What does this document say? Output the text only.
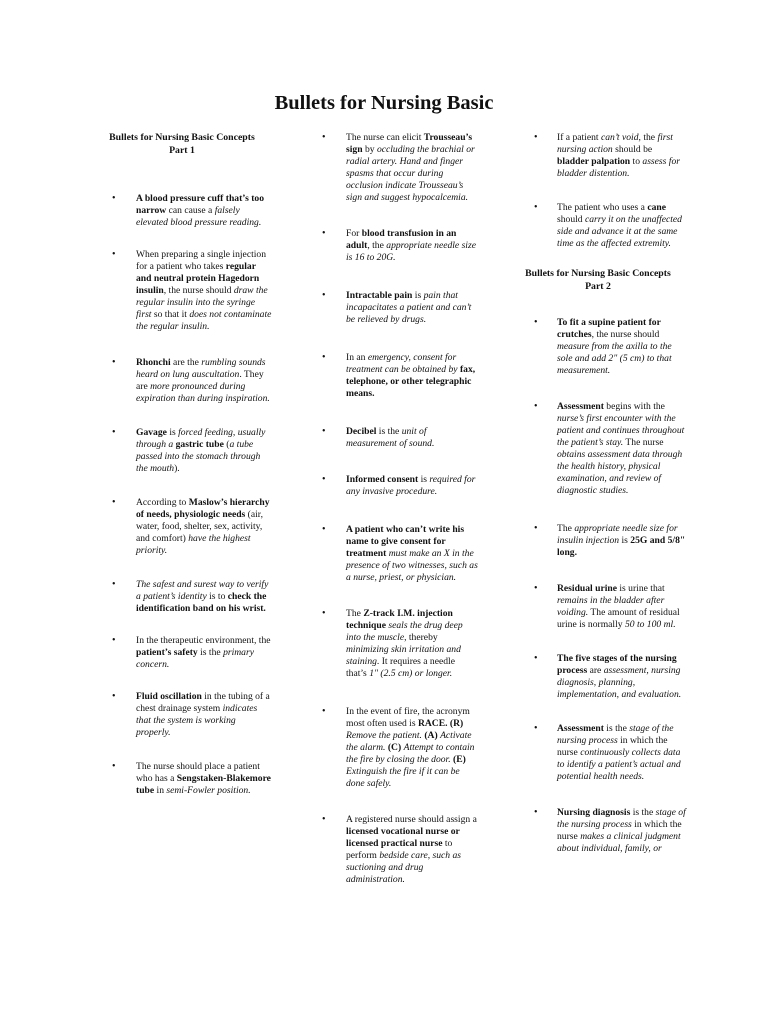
Bullets for Nursing Basic
Bullets for Nursing Basic Concepts
Part 1
• A blood pressure cuff that’s too narrow can cause a falsely elevated blood pressure reading.
• When preparing a single injection for a patient who takes regular and neutral protein Hagedorn insulin, the nurse should draw the regular insulin into the syringe first so that it does not contaminate the regular insulin.
• Rhonchi are the rumbling sounds heard on lung auscultation. They are more pronounced during expiration than during inspiration.
• Gavage is forced feeding, usually through a gastric tube (a tube passed into the stomach through the mouth).
• According to Maslow’s hierarchy of needs, physiologic needs (air, water, food, shelter, sex, activity, and comfort) have the highest priority.
• The safest and surest way to verify a patient’s identity is to check the identification band on his wrist.
• In the therapeutic environment, the patient’s safety is the primary concern.
• Fluid oscillation in the tubing of a chest drainage system indicates that the system is working properly.
• The nurse should place a patient who has a Sengstaken-Blakemore tube in semi-Fowler position.
• The nurse can elicit Trousseau’s sign by occluding the brachial or radial artery. Hand and finger spasms that occur during occlusion indicate Trousseau’s sign and suggest hypocalcemia.
• For blood transfusion in an adult, the appropriate needle size is 16 to 20G.
• Intractable pain is pain that incapacitates a patient and can’t be relieved by drugs.
• In an emergency, consent for treatment can be obtained by fax, telephone, or other telegraphic means.
• Decibel is the unit of measurement of sound.
• Informed consent is required for any invasive procedure.
• A patient who can’t write his name to give consent for treatment must make an X in the presence of two witnesses, such as a nurse, priest, or physician.
• The Z-track I.M. injection technique seals the drug deep into the muscle, thereby minimizing skin irritation and staining. It requires a needle that’s 1" (2.5 cm) or longer.
• In the event of fire, the acronym most often used is RACE. (R) Remove the patient. (A) Activate the alarm. (C) Attempt to contain the fire by closing the door. (E) Extinguish the fire if it can be done safely.
• A registered nurse should assign a licensed vocational nurse or licensed practical nurse to perform bedside care, such as suctioning and drug administration.
• If a patient can’t void, the first nursing action should be bladder palpation to assess for bladder distention.
• The patient who uses a cane should carry it on the unaffected side and advance it at the same time as the affected extremity.
Bullets for Nursing Basic Concepts
Part 2
• To fit a supine patient for crutches, the nurse should measure from the axilla to the sole and add 2" (5 cm) to that measurement.
• Assessment begins with the nurse’s first encounter with the patient and continues throughout the patient’s stay. The nurse obtains assessment data through the health history, physical examination, and review of diagnostic studies.
• The appropriate needle size for insulin injection is 25G and 5/8" long.
• Residual urine is urine that remains in the bladder after voiding. The amount of residual urine is normally 50 to 100 ml.
• The five stages of the nursing process are assessment, nursing diagnosis, planning, implementation, and evaluation.
• Assessment is the stage of the nursing process in which the nurse continuously collects data to identify a patient’s actual and potential health needs.
• Nursing diagnosis is the stage of the nursing process in which the nurse makes a clinical judgment about individual, family, or
